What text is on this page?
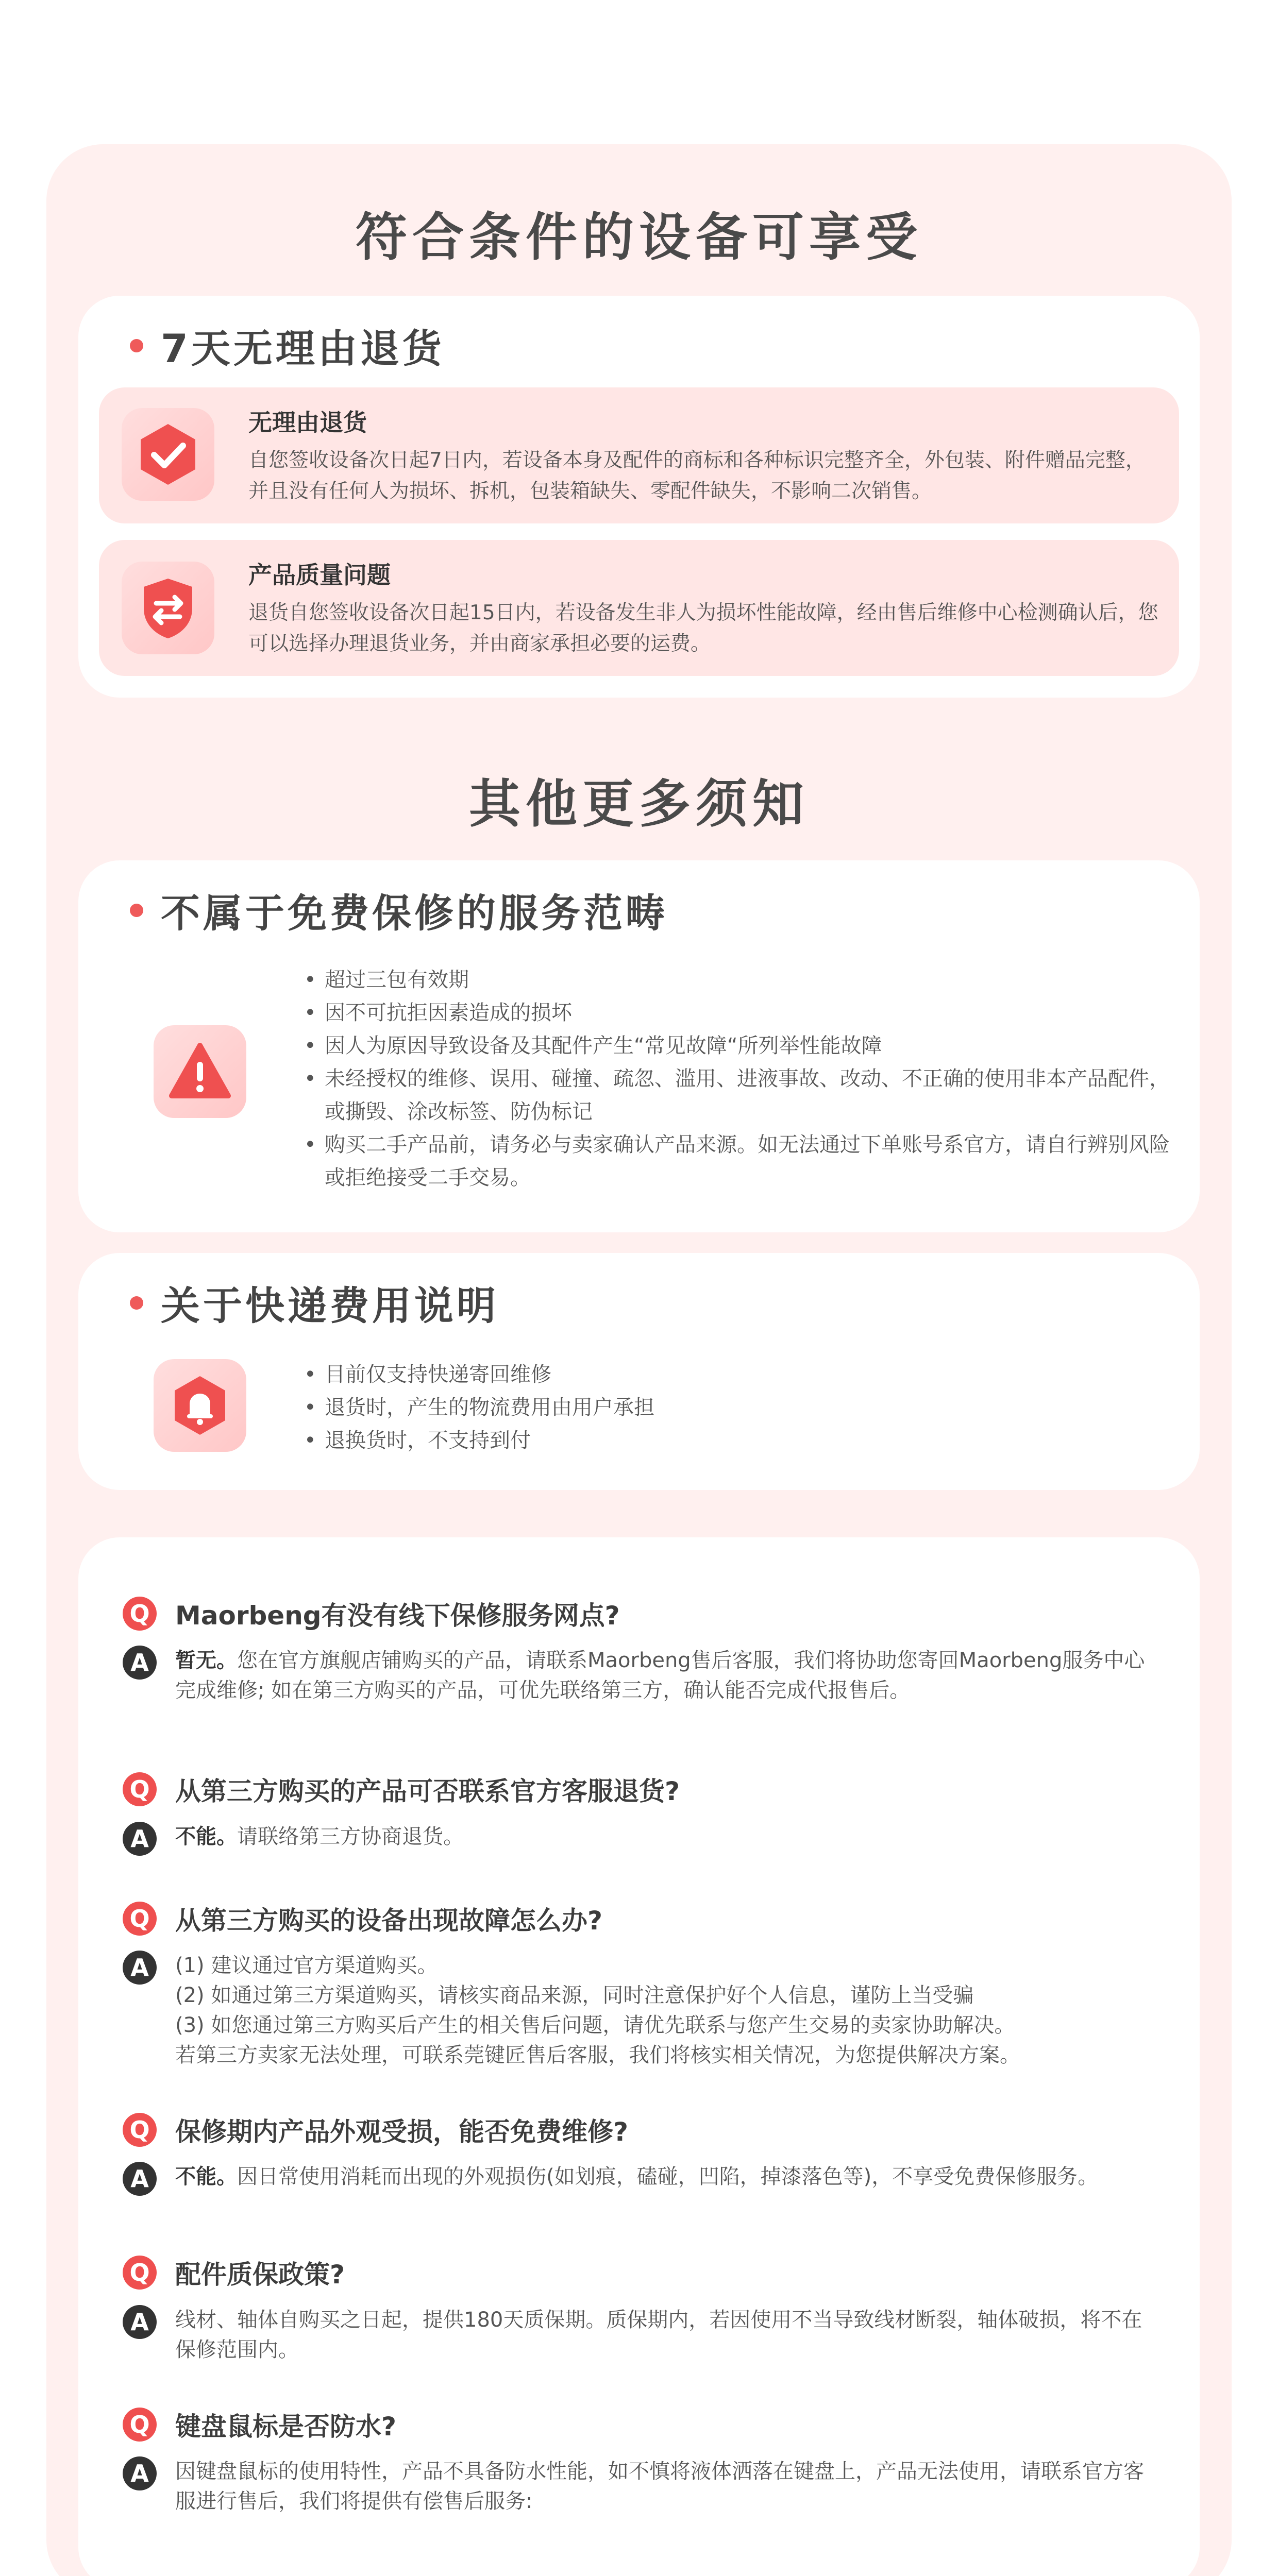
符合条件的设备可享受
7天无理由退货
无理由退货
自您签收设备次日起7日内，若设备本身及配件的商标和各种标识完整齐全，外包装、附件赠品完整，并且没有任何人为损坏、拆机，包装箱缺失、零配件缺失，不影响二次销售。
产品质量问题
退货自您签收设备次日起15日内，若设备发生非人为损坏性能故障，经由售后维修中心检测确认后，您可以选择办理退货业务，并由商家承担必要的运费。
其他更多须知
不属于免费保修的服务范畴
• 超过三包有效期
• 因不可抗拒因素造成的损坏
• 因人为原因导致设备及其配件产生“常见故障“所列举性能故障
• 未经授权的维修、误用、碰撞、疏忽、滥用、进液事故、改动、不正确的使用非本产品配件，或撕毁、涂改标签、防伪标记
• 购买二手产品前，请务必与卖家确认产品来源。如无法通过下单账号系官方，请自行辨别风险或拒绝接受二手交易。
关于快递费用说明
• 目前仅支持快递寄回维修
• 退货时，产生的物流费用由用户承担
• 退换货时，不支持到付
Q Maorbeng有没有线下保修服务网点?
A	暂无。您在官方旗舰店铺购买的产品，请联系Maorbeng售后客服，我们将协助您寄回Maorbeng服务中心完成维修; 如在第三方购买的产品，可优先联络第三方，确认能否完成代报售后。
Q 从第三方购买的产品可否联系官方客服退货?
A	不能。请联络第三方协商退货。
Q 从第三方购买的设备出现故障怎么办?
A	(1) 建议通过官方渠道购买。
(2) 如通过第三方渠道购买，请核实商品来源，同时注意保护好个人信息，谨防上当受骗
(3) 如您通过第三方购买后产生的相关售后问题，请优先联系与您产生交易的卖家协助解决。
若第三方卖家无法处理，可联系莞键匠售后客服，我们将核实相关情况，为您提供解决方案。
Q 保修期内产品外观受损，能否免费维修?
A	不能。因日常使用消耗而出现的外观损伤(如划痕，磕碰，凹陷，掉漆落色等)，不享受免费保修服务。
Q 配件质保政策?
A	线材、轴体自购买之日起，提供180天质保期。质保期内，若因使用不当导致线材断裂，轴体破损，将不在保修范围内。
Q 键盘鼠标是否防水?
A	因键盘鼠标的使用特性，产品不具备防水性能，如不慎将液体洒落在键盘上，产品无法使用，请联系官方客服进行售后，我们将提供有偿售后服务:
